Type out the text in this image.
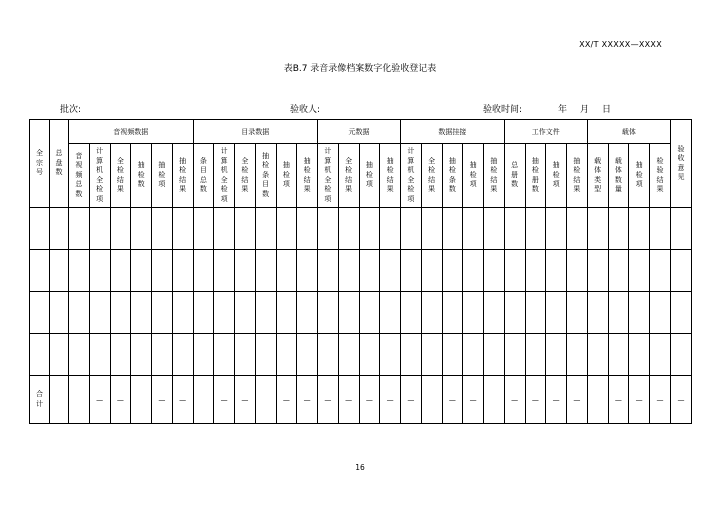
XX/T XXXXX—XXXX
表B.7 录音录像档案数字化验收登记表
批次:	验收人:	验收时间:	年 月 日
全宗号	总盘数	音视频数据						目录数据						元数据				数据挂接					工作文件				载体				验收意见
		音视频总数	计算机全检项	全检结果	抽检数	抽检项	抽检结果	条目总数	计算机全检项	全检结果	抽检条目数	抽检项	抽检结果	计算机全检项	全检结果	抽检项	抽检结果	计算机全检项	全检结果	抽检条数	抽检项	抽检结果	总册数	抽检册数	抽检项	抽检结果	载体类型	载体数量	抽检项	检验结果	

合计			—	—		—	—		—	—		—	—	—	—	—	—	—		—	—		—	—	—	—		—	—	—	—
16
